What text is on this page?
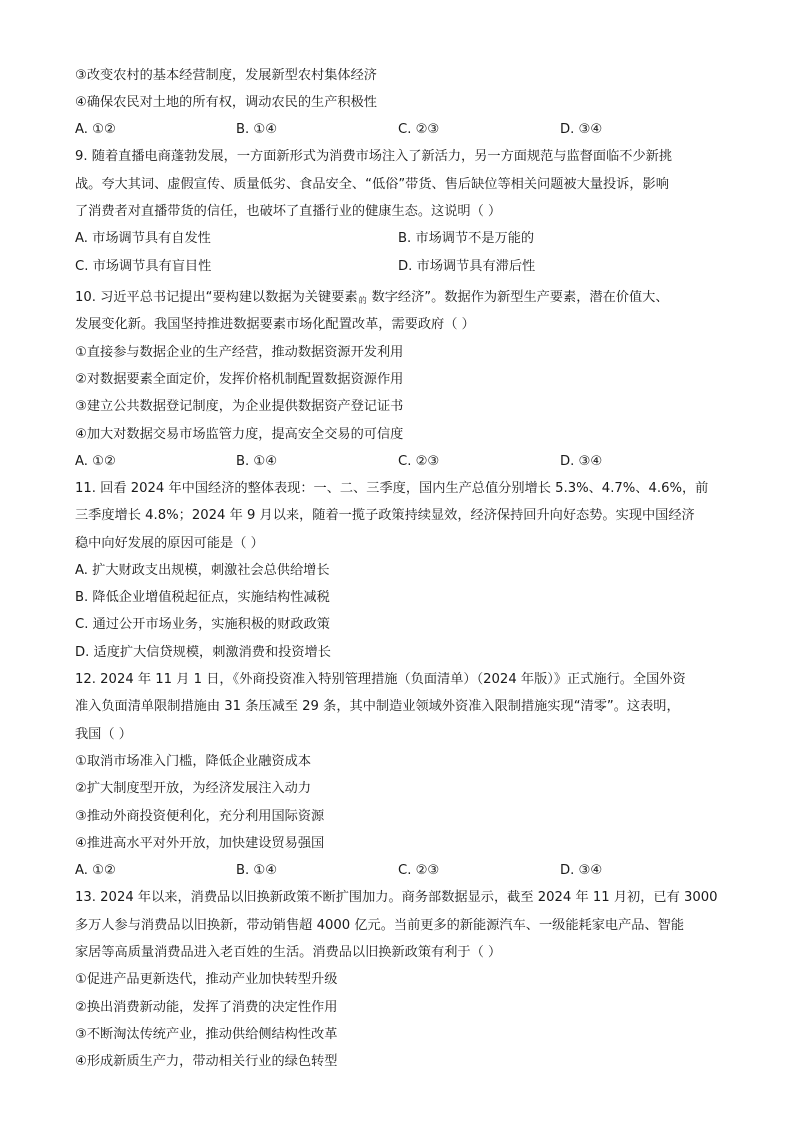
③改变农村的基本经营制度，发展新型农村集体经济
④确保农民对土地的所有权，调动农民的生产积极性
A. ①②	B. ①④	C. ②③	D. ③④
9. 随着直播电商蓬勃发展，一方面新形式为消费市场注入了新活力，另一方面规范与监督面临不少新挑
战。夸大其词、虚假宣传、质量低劣、食品安全、“低俗”带货、售后缺位等相关问题被大量投诉，影响
了消费者对直播带货的信任，也破坏了直播行业的健康生态。这说明（ ）
A. 市场调节具有自发性	B. 市场调节不是万能的
C. 市场调节具有盲目性	D. 市场调节具有滞后性
10. 习近平总书记提出“要构建以数据为关键要素 的 数字经济”。数据作为新型生产要素，潜在价值大、
发展变化新。我国坚持推进数据要素市场化配置改革，需要政府（ ）
①直接参与数据企业的生产经营，推动数据资源开发利用
②对数据要素全面定价，发挥价格机制配置数据资源作用
③建立公共数据登记制度，为企业提供数据资产登记证书
④加大对数据交易市场监管力度，提高安全交易的可信度
A. ①②	B. ①④	C. ②③	D. ③④
11. 回看 2024 年中国经济的整体表现：一、二、三季度，国内生产总值分别增长 5.3%、4.7%、4.6%，前
三季度增长 4.8%；2024 年 9 月以来，随着一揽子政策持续显效，经济保持回升向好态势。实现中国经济
稳中向好发展的原因可能是（ ）
A. 扩大财政支出规模，刺激社会总供给增长
B. 降低企业增值税起征点，实施结构性减税
C. 通过公开市场业务，实施积极的财政政策
D. 适度扩大信贷规模，刺激消费和投资增长
12. 2024 年 11 月 1 日，《外商投资准入特别管理措施（负面清单）（2024 年版）》正式施行。全国外资
准入负面清单限制措施由 31 条压减至 29 条，其中制造业领域外资准入限制措施实现“清零”。这表明，
我国（ ）
①取消市场准入门槛，降低企业融资成本
②扩大制度型开放，为经济发展注入动力
③推动外商投资便利化，充分利用国际资源
④推进高水平对外开放，加快建设贸易强国
A. ①②	B. ①④	C. ②③	D. ③④
13. 2024 年以来，消费品以旧换新政策不断扩围加力。商务部数据显示，截至 2024 年 11 月初，已有 3000
多万人参与消费品以旧换新，带动销售超 4000 亿元。当前更多的新能源汽车、一级能耗家电产品、智能
家居等高质量消费品进入老百姓的生活。消费品以旧换新政策有利于（ ）
①促进产品更新迭代，推动产业加快转型升级
②换出消费新动能，发挥了消费的决定性作用
③不断淘汰传统产业，推动供给侧结构性改革
④形成新质生产力，带动相关行业的绿色转型
